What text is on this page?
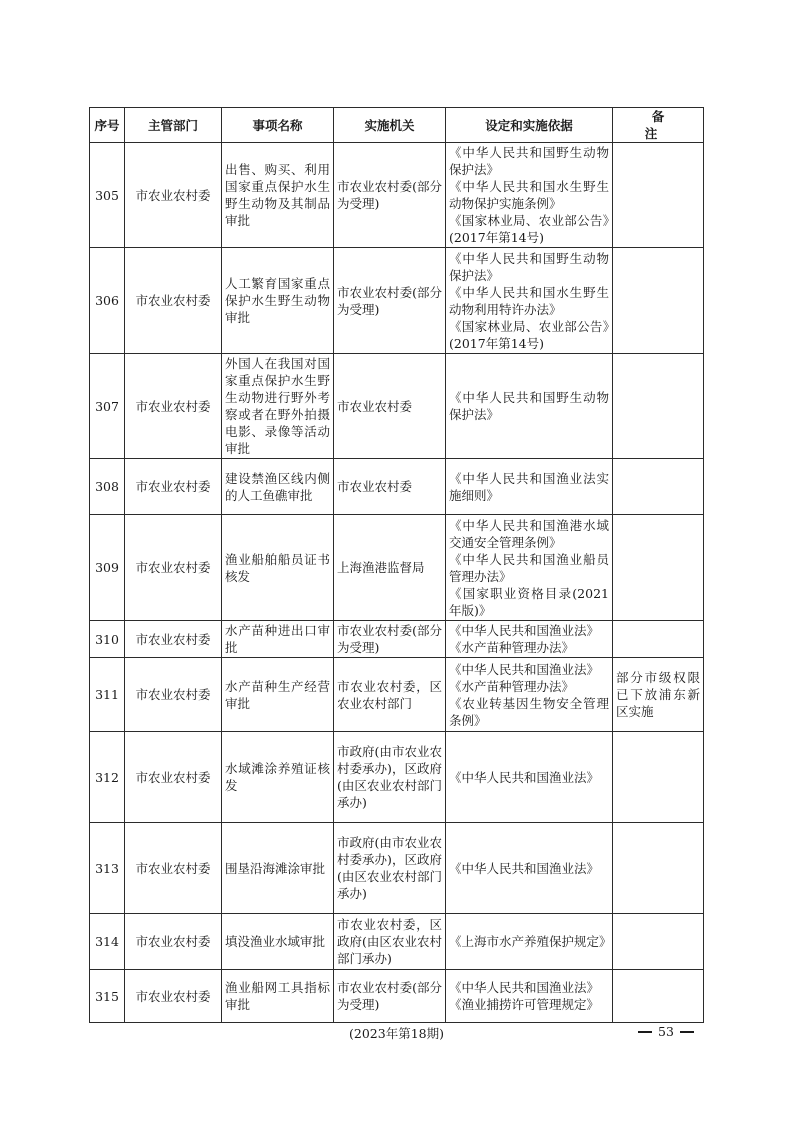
序号	主管部门	事项名称	实施机关	设定和实施依据	备　注
305	市农业农村委	出售、购买、利用国家重点保护水生野生动物及其制品审批	市农业农村委(部分为受理)	《中华人民共和国野生动物保护法》
《中华人民共和国水生野生动物保护实施条例》
《国家林业局、农业部公告》(2017年第14号)	

306	市农业农村委	人工繁育国家重点保护水生野生动物审批	市农业农村委(部分为受理)	《中华人民共和国野生动物保护法》
《中华人民共和国水生野生动物利用特许办法》
《国家林业局、农业部公告》(2017年第14号)	

307	市农业农村委	外国人在我国对国家重点保护水生野生动物进行野外考察或者在野外拍摄电影、录像等活动审批	市农业农村委	《中华人民共和国野生动物保护法》	

308	市农业农村委	建设禁渔区线内侧的人工鱼礁审批	市农业农村委	《中华人民共和国渔业法实施细则》	

309	市农业农村委	渔业船舶船员证书核发	上海渔港监督局	《中华人民共和国渔港水域交通安全管理条例》
《中华人民共和国渔业船员管理办法》
《国家职业资格目录(2021年版)》	

310	市农业农村委	水产苗种进出口审批	市农业农村委(部分为受理)	《中华人民共和国渔业法》
《水产苗种管理办法》	

311	市农业农村委	水产苗种生产经营审批	市农业农村委，区农业农村部门	《中华人民共和国渔业法》
《水产苗种管理办法》
《农业转基因生物安全管理条例》	部分市级权限已下放浦东新区实施
312	市农业农村委	水域滩涂养殖证核发	市政府(由市农业农村委承办)，区政府(由区农业农村部门承办)	《中华人民共和国渔业法》	

313	市农业农村委	围垦沿海滩涂审批	市政府(由市农业农村委承办)，区政府(由区农业农村部门承办)	《中华人民共和国渔业法》	

314	市农业农村委	填没渔业水域审批	市农业农村委，区政府(由区农业农村部门承办)	《上海市水产养殖保护规定》	

315	市农业农村委	渔业船网工具指标审批	市农业农村委(部分为受理)	《中华人民共和国渔业法》
《渔业捕捞许可管理规定》	

(2023年第18期)	53
